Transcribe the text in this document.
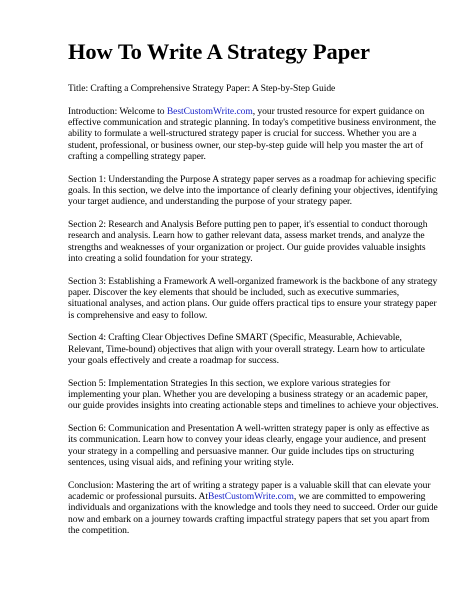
How To Write A Strategy Paper

Title: Crafting a Comprehensive Strategy Paper: A Step-by-Step Guide

Introduction: Welcome to BestCustomWrite.com, your trusted resource for expert guidance on effective communication and strategic planning. In today's competitive business environment, the ability to formulate a well-structured strategy paper is crucial for success. Whether you are a student, professional, or business owner, our step-by-step guide will help you master the art of crafting a compelling strategy paper.

Section 1: Understanding the Purpose A strategy paper serves as a roadmap for achieving specific goals. In this section, we delve into the importance of clearly defining your objectives, identifying your target audience, and understanding the purpose of your strategy paper.

Section 2: Research and Analysis Before putting pen to paper, it's essential to conduct thorough research and analysis. Learn how to gather relevant data, assess market trends, and analyze the strengths and weaknesses of your organization or project. Our guide provides valuable insights into creating a solid foundation for your strategy.

Section 3: Establishing a Framework A well-organized framework is the backbone of any strategy paper. Discover the key elements that should be included, such as executive summaries, situational analyses, and action plans. Our guide offers practical tips to ensure your strategy paper is comprehensive and easy to follow.

Section 4: Crafting Clear Objectives Define SMART (Specific, Measurable, Achievable, Relevant, Time-bound) objectives that align with your overall strategy. Learn how to articulate your goals effectively and create a roadmap for success.

Section 5: Implementation Strategies In this section, we explore various strategies for implementing your plan. Whether you are developing a business strategy or an academic paper, our guide provides insights into creating actionable steps and timelines to achieve your objectives.

Section 6: Communication and Presentation A well-written strategy paper is only as effective as its communication. Learn how to convey your ideas clearly, engage your audience, and present your strategy in a compelling and persuasive manner. Our guide includes tips on structuring sentences, using visual aids, and refining your writing style.

Conclusion: Mastering the art of writing a strategy paper is a valuable skill that can elevate your academic or professional pursuits. AtBestCustomWrite.com, we are committed to empowering individuals and organizations with the knowledge and tools they need to succeed. Order our guide now and embark on a journey towards crafting impactful strategy papers that set you apart from the competition.
